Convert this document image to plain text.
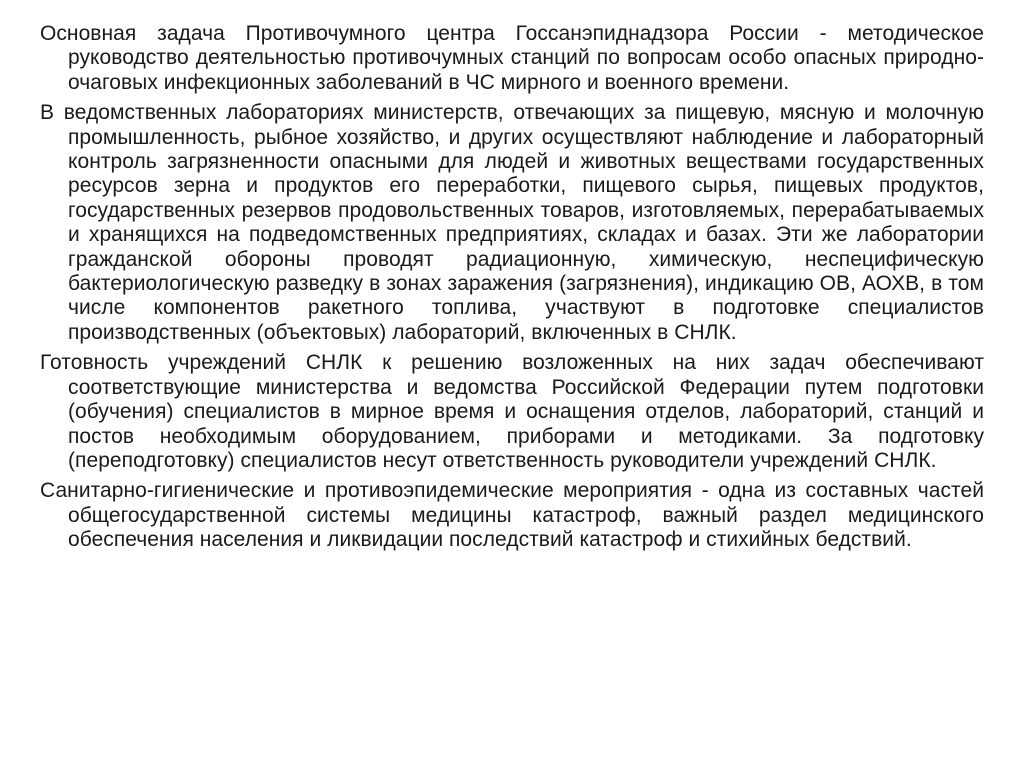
Основная задача Противочумного центра Госсанэпиднадзора России - методическое руководство деятельностью противочумных станций по вопросам особо опасных природно-очаговых инфекционных заболеваний в ЧС мирного и военного времени.

В ведомственных лабораториях министерств, отвечающих за пищевую, мясную и молочную промышленность, рыбное хозяйство, и других осуществляют наблюдение и лабораторный контроль загрязненности опасными для людей и животных веществами государственных ресурсов зерна и продуктов его переработки, пищевого сырья, пищевых продуктов, государственных резервов продовольственных товаров, изготовляемых, перерабатываемых и хранящихся на подведомственных предприятиях, складах и базах. Эти же лаборатории гражданской обороны проводят радиационную, химическую, неспецифическую бактериологическую разведку в зонах заражения (загрязнения), индикацию ОВ, АОХВ, в том числе компонентов ракетного топлива, участвуют в подготовке специалистов производственных (объектовых) лабораторий, включенных в СНЛК.

Готовность учреждений СНЛК к решению возложенных на них задач обеспечивают соответствующие министерства и ведомства Российской Федерации путем подготовки (обучения) специалистов в мирное время и оснащения отделов, лабораторий, станций и постов необходимым оборудованием, приборами и методиками. За подготовку (переподготовку) специалистов несут ответственность руководители учреждений СНЛК.

Санитарно-гигиенические и противоэпидемические мероприятия - одна из составных частей общегосударственной системы медицины катастроф, важный раздел медицинского обеспечения населения и ликвидации последствий катастроф и стихийных бедствий.
